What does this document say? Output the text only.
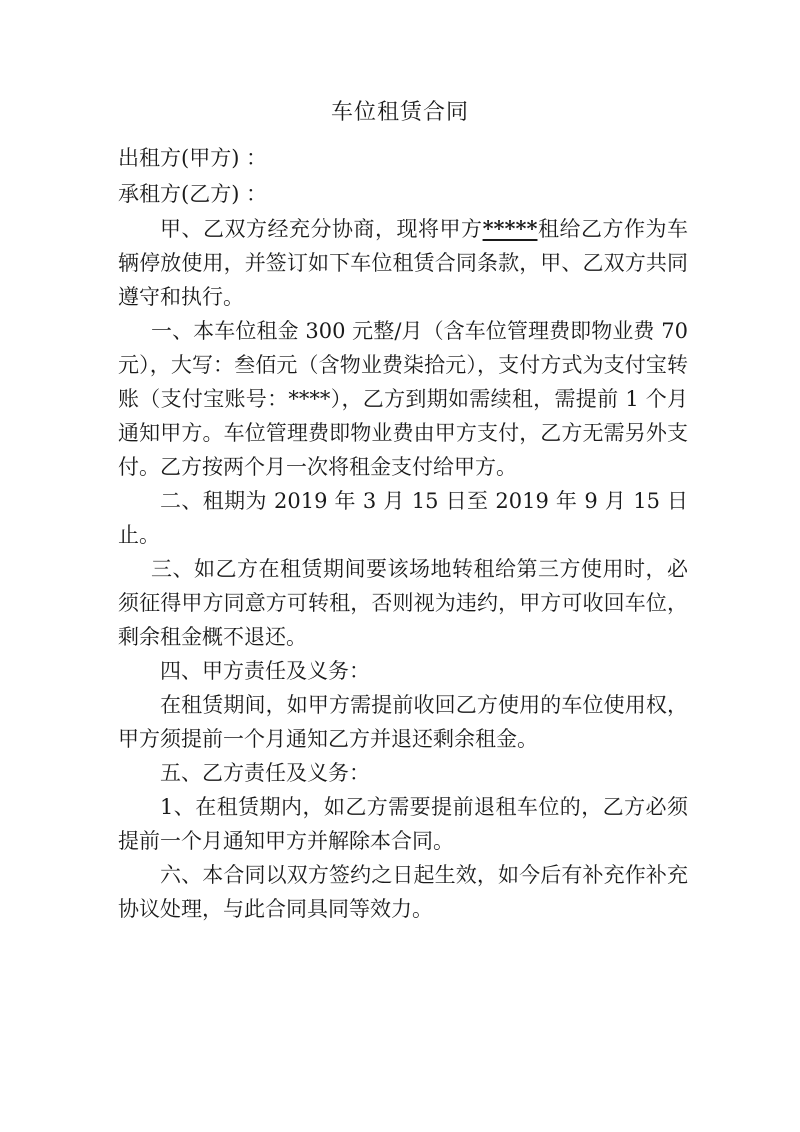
车位租赁合同
出租方(甲方) ：
承租方(乙方) ：

甲、乙双方经充分协商，现将甲方*****租给乙方作为车辆停放使用，并签订如下车位租赁合同条款，甲、乙双方共同遵守和执行。

一、本车位租金 300 元整/月（含车位管理费即物业费 70 元），大写：叁佰元（含物业费柒拾元），支付方式为支付宝转账（支付宝账号：****），乙方到期如需续租，需提前 1 个月通知甲方。车位管理费即物业费由甲方支付，乙方无需另外支付。乙方按两个月一次将租金支付给甲方。

二、租期为 2019 年 3 月 15 日至 2019 年 9 月 15 日止。

三、如乙方在租赁期间要该场地转租给第三方使用时，必须征得甲方同意方可转租，否则视为违约，甲方可收回车位，剩余租金概不退还。

四、甲方责任及义务：

在租赁期间，如甲方需提前收回乙方使用的车位使用权，甲方须提前一个月通知乙方并退还剩余租金。

五、乙方责任及义务：

1、在租赁期内，如乙方需要提前退租车位的，乙方必须提前一个月通知甲方并解除本合同。

六、本合同以双方签约之日起生效，如今后有补充作补充协议处理，与此合同具同等效力。
